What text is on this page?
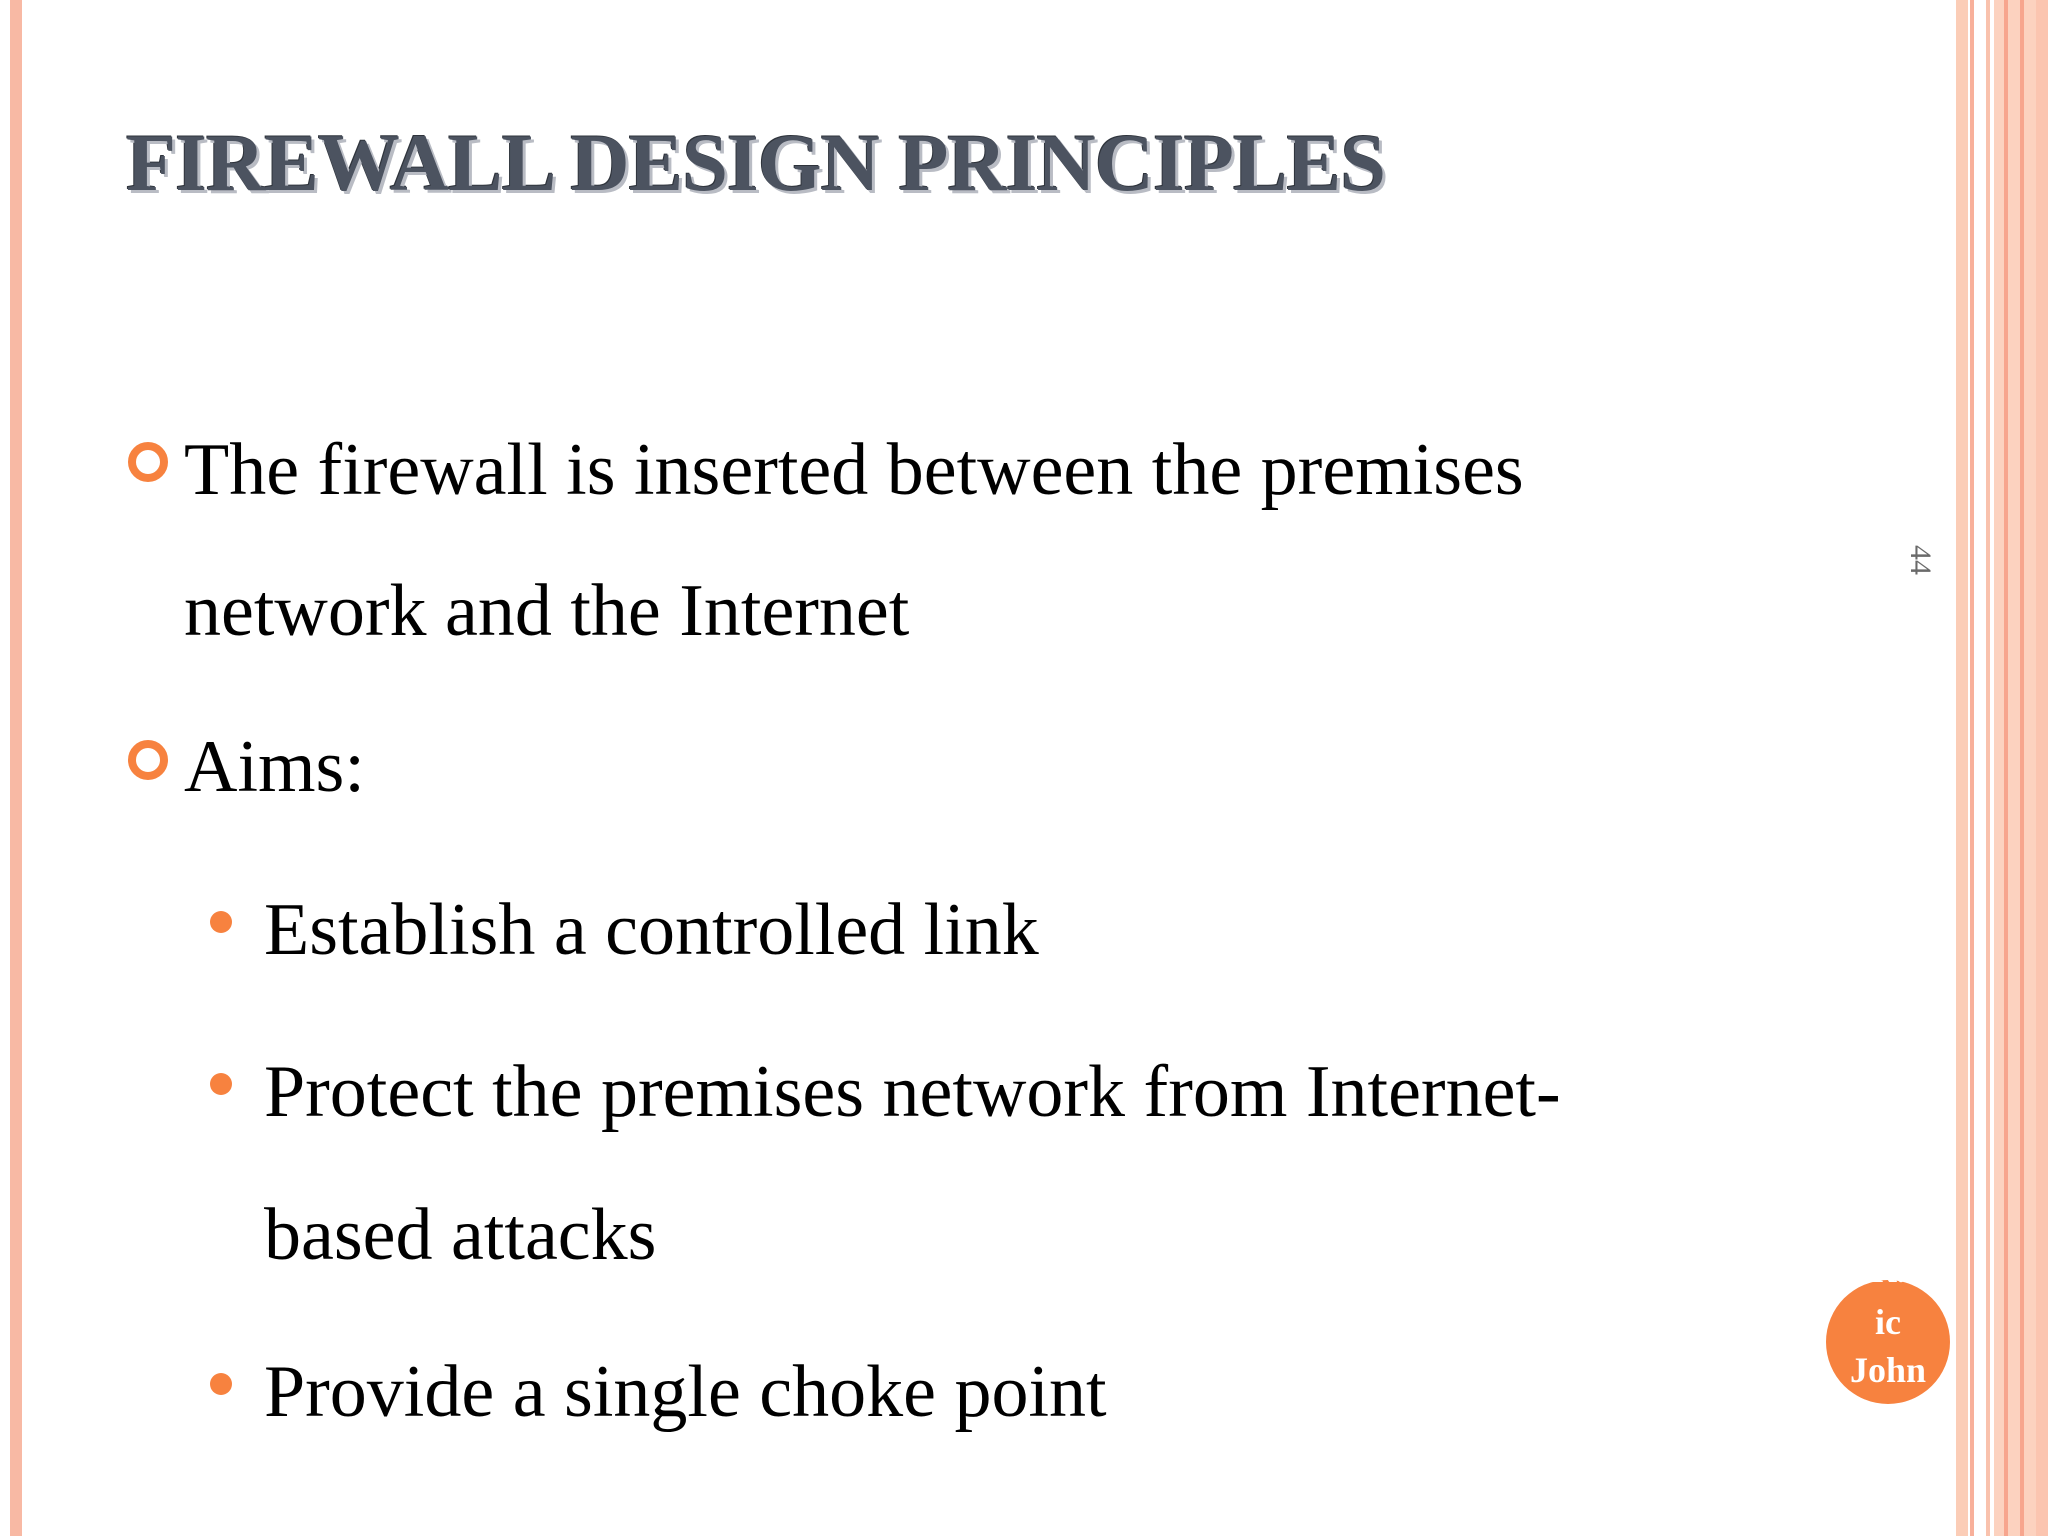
FIREWALL DESIGN PRINCIPLES
The firewall is inserted between the premises
network and the Internet
Aims:
Establish a controlled link
Protect the premises network from Internet-
based attacks
Provide a single choke point
44
R.
ic
John
